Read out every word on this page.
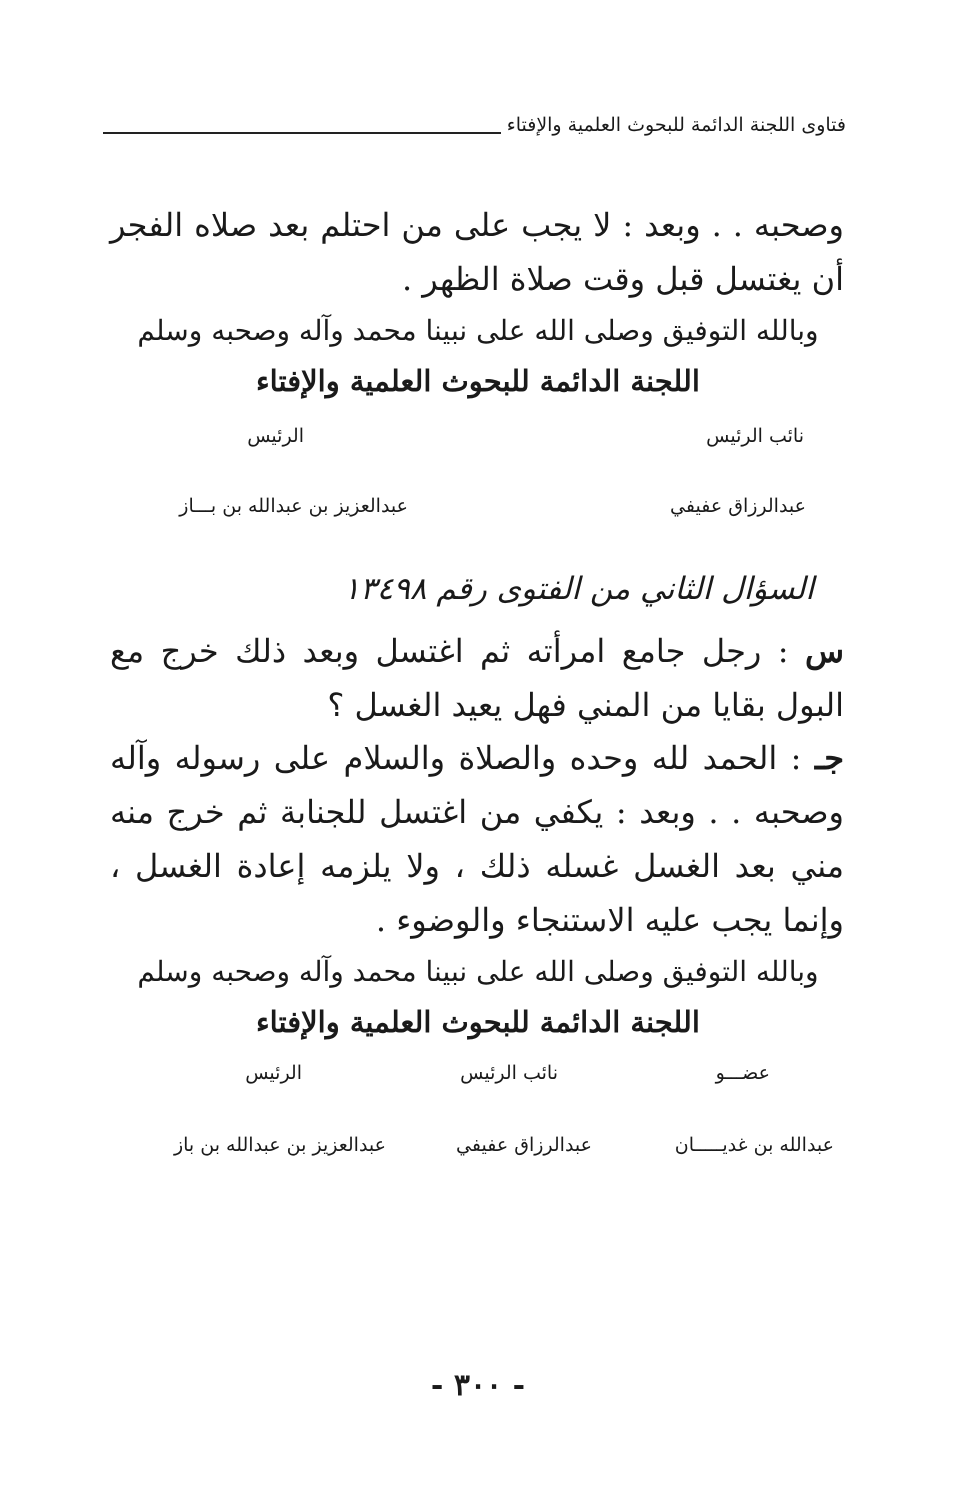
فتاوى اللجنة الدائمة للبحوث العلمية والإفتاء

وصحبه . . وبعد : لا يجب على من احتلم بعد صلاه الفجر أن يغتسل قبل وقت صلاة الظهر .

وبالله التوفيق وصلى الله على نبينا محمد وآله وصحبه وسلم
اللجنة الدائمة للبحوث العلمية والإفتاء
نائب الرئيس
الرئيس
عبدالرزاق عفيفي
عبدالعزيز بن عبدالله بن بـــاز
السؤال الثاني من الفتوى رقم ١٣٤٩٨

س : رجل جامع امرأته ثم اغتسل وبعد ذلك خرج مع البول بقايا من المني فهل يعيد الغسل ؟

جـ : الحمد لله وحده والصلاة والسلام على رسوله وآله وصحبه . . وبعد : يكفي من اغتسل للجنابة ثم خرج منه مني بعد الغسل غسله ذلك ، ولا يلزمه إعادة الغسل ، وإنما يجب عليه الاستنجاء والوضوء .

وبالله التوفيق وصلى الله على نبينا محمد وآله وصحبه وسلم
اللجنة الدائمة للبحوث العلمية والإفتاء
عضـــو
نائب الرئيس
الرئيس
عبدالله بن غديـــــان
عبدالرزاق عفيفي
عبدالعزيز بن عبدالله بن باز
- ٣٠٠ -
